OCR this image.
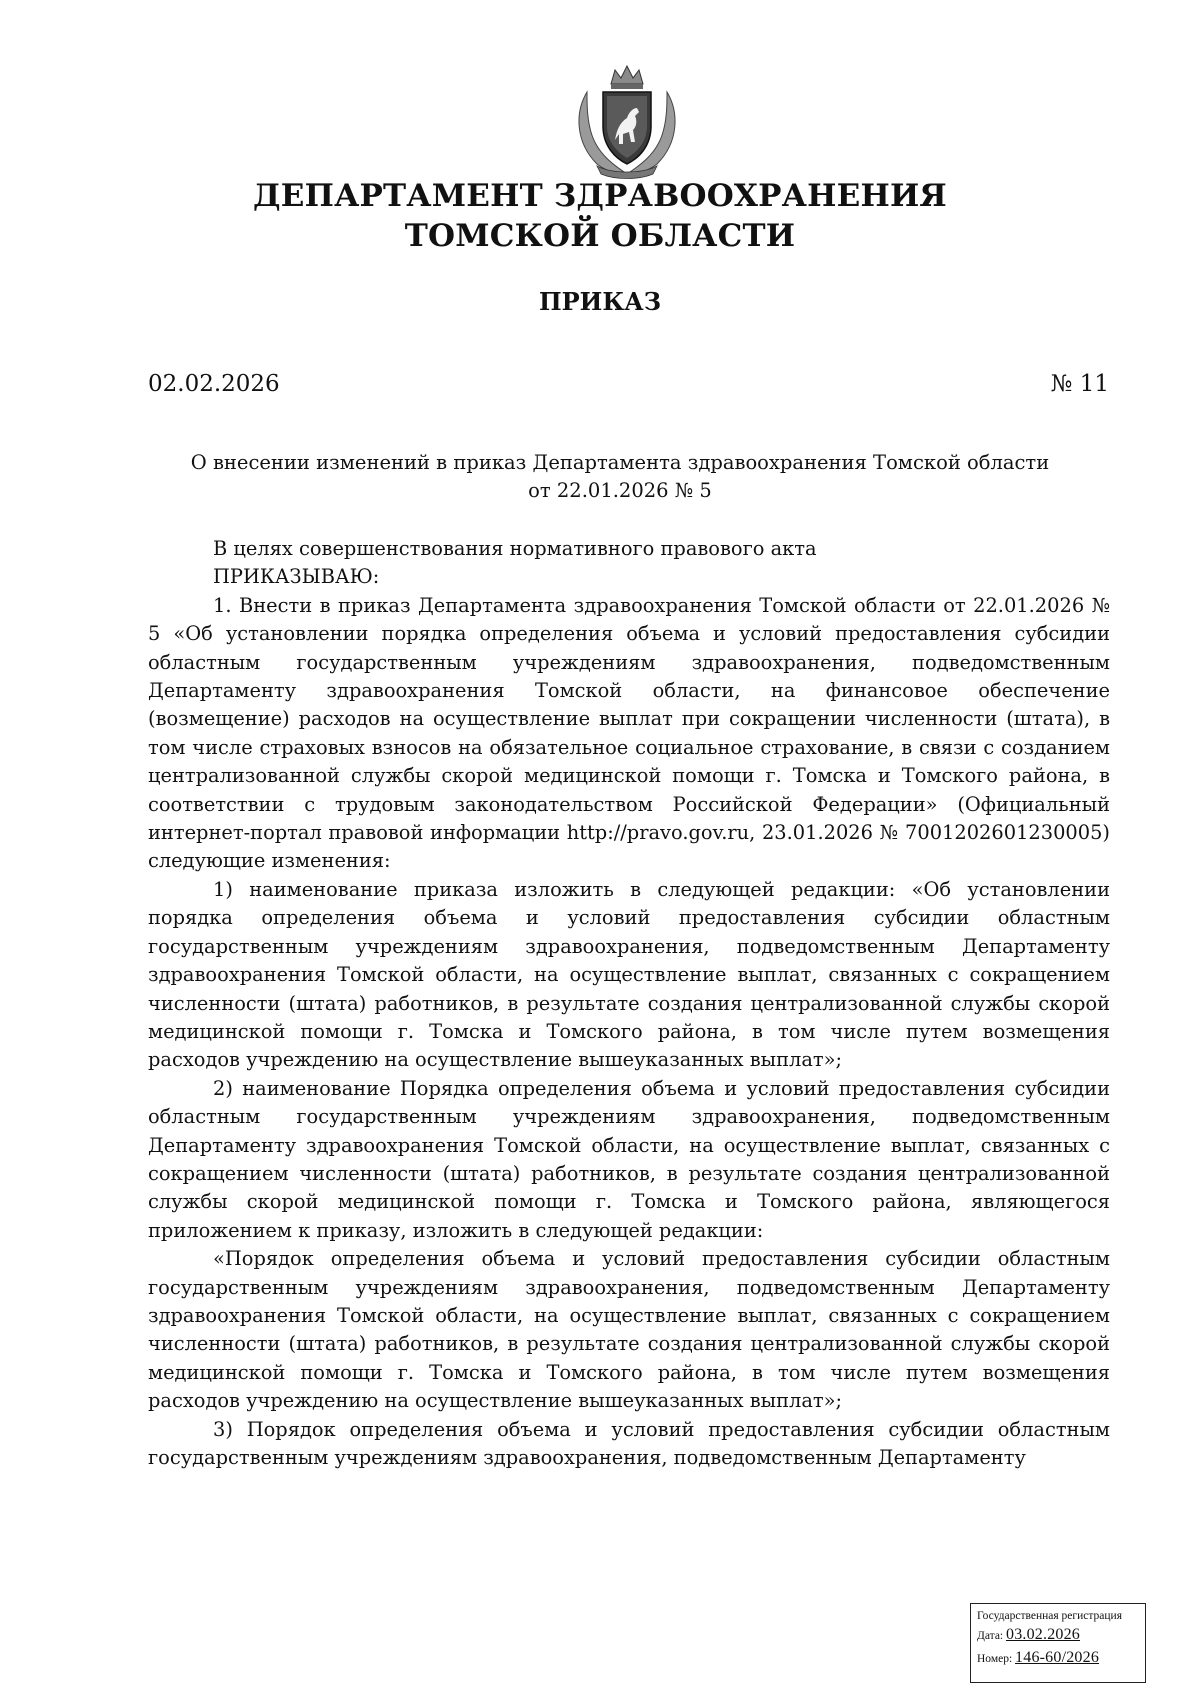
ДЕПАРТАМЕНТ ЗДРАВООХРАНЕНИЯ
ТОМСКОЙ ОБЛАСТИ
ПРИКАЗ
02.02.2026	№ 11
О внесении изменений в приказ Департамента здравоохранения Томской области
от 22.01.2026 № 5

В целях совершенствования нормативного правового акта

ПРИКАЗЫВАЮ:

1. Внести в приказ Департамента здравоохранения Томской области от 22.01.2026 № 5 «Об установлении порядка определения объема и условий предоставления субсидии областным государственным учреждениям здравоохранения, подведомственным Департаменту здравоохранения Томской области, на финансовое обеспечение (возмещение) расходов на осуществление выплат при сокращении численности (штата), в том числе страховых взносов на обязательное социальное страхование, в связи с созданием централизованной службы скорой медицинской помощи г. Томска и Томского района, в соответствии с трудовым законодательством Российской Федерации» (Официальный интернет-портал правовой информации http://pravo.gov.ru, 23.01.2026 № 7001202601230005) следующие изменения:

1) наименование приказа изложить в следующей редакции: «Об установлении порядка определения объема и условий предоставления субсидии областным государственным учреждениям здравоохранения, подведомственным Департаменту здравоохранения Томской области, на осуществление выплат, связанных с сокращением численности (штата) работников, в результате создания централизованной службы скорой медицинской помощи г. Томска и Томского района, в том числе путем возмещения расходов учреждению на осуществление вышеуказанных выплат»;

2) наименование Порядка определения объема и условий предоставления субсидии областным государственным учреждениям здравоохранения, подведомственным Департаменту здравоохранения Томской области, на осуществление выплат, связанных с сокращением численности (штата) работников, в результате создания централизованной службы скорой медицинской помощи г. Томска и Томского района, являющегося приложением к приказу, изложить в следующей редакции:

«Порядок определения объема и условий предоставления субсидии областным государственным учреждениям здравоохранения, подведомственным Департаменту здравоохранения Томской области, на осуществление выплат, связанных с сокращением численности (штата) работников, в результате создания централизованной службы скорой медицинской помощи г. Томска и Томского района, в том числе путем возмещения расходов учреждению на осуществление вышеуказанных выплат»;

3) Порядок определения объема и условий предоставления субсидии областным государственным учреждениям здравоохранения, подведомственным Департаменту

Государственная регистрация
Дата: 03.02.2026
Номер: 146-60/2026
